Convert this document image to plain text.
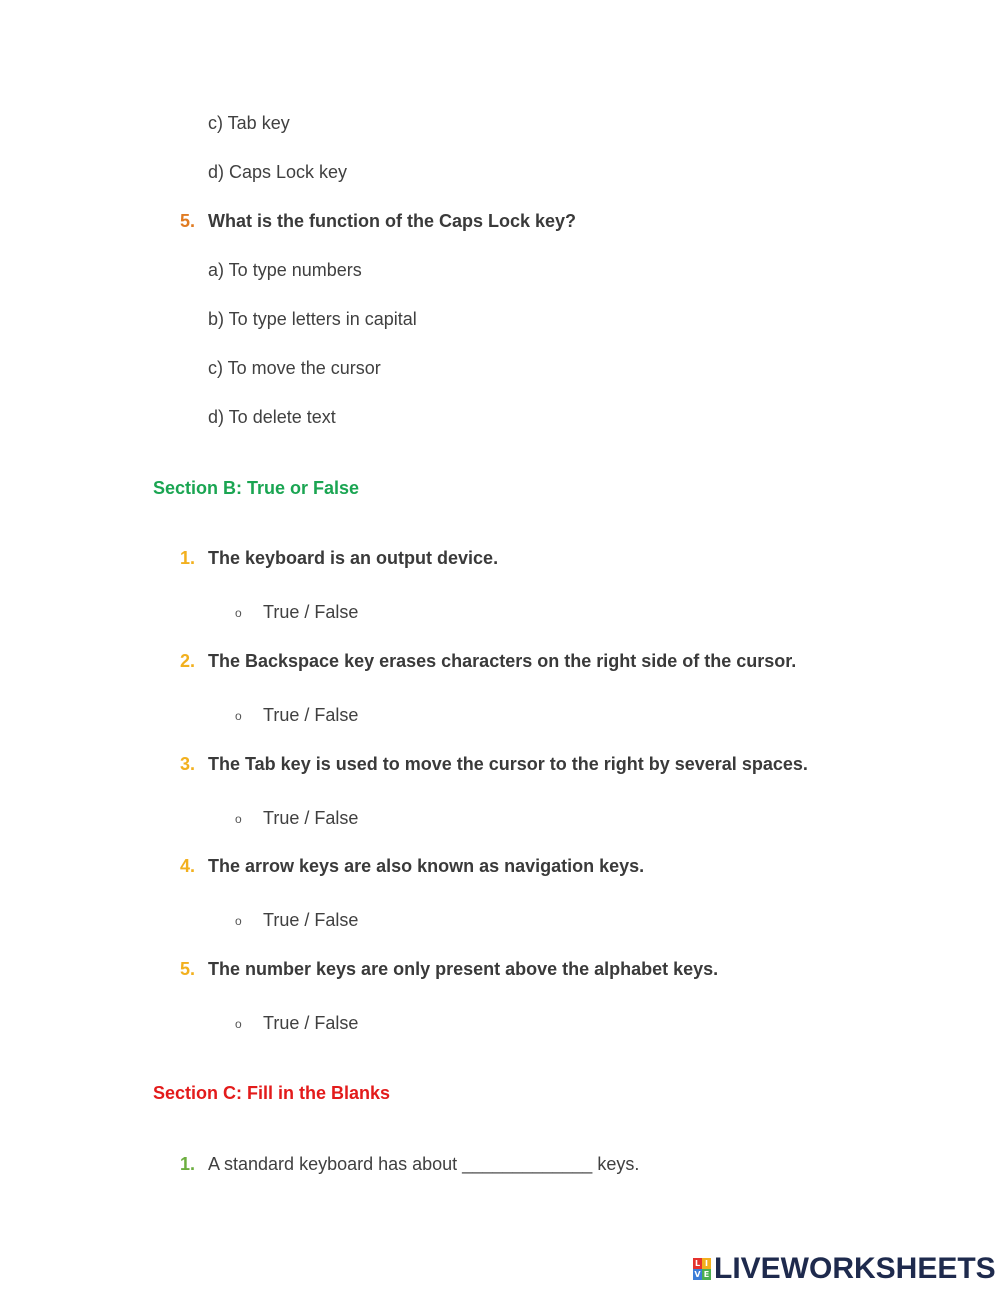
c) Tab key
d) Caps Lock key
5. What is the function of the Caps Lock key?
a) To type numbers
b) To type letters in capital
c) To move the cursor
d) To delete text
Section B: True or False
1. The keyboard is an output device.
o True / False
2. The Backspace key erases characters on the right side of the cursor.
o True / False
3. The Tab key is used to move the cursor to the right by several spaces.
o True / False
4. The arrow keys are also known as navigation keys.
o True / False
5. The number keys are only present above the alphabet keys.
o True / False
Section C: Fill in the Blanks
1. A standard keyboard has about _____________ keys.
L I
V E LIVEWORKSHEETS
